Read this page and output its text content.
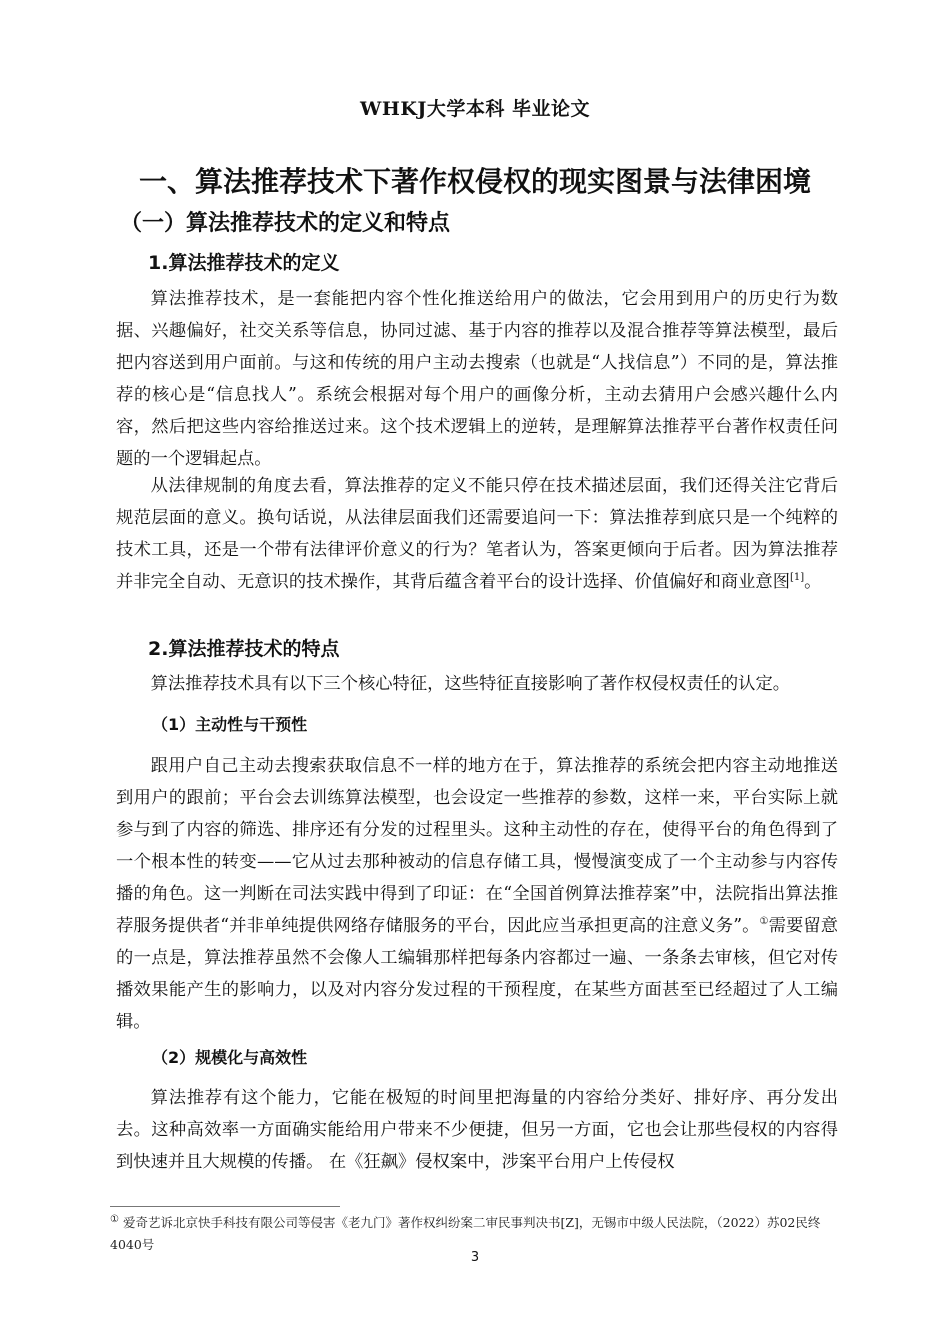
WHKJ大学本科 毕业论文
一、算法推荐技术下著作权侵权的现实图景与法律困境
（一）算法推荐技术的定义和特点
1.算法推荐技术的定义

算法推荐技术，是一套能把内容个性化推送给用户的做法，它会用到用户的历史行为数据、兴趣偏好，社交关系等信息，协同过滤、基于内容的推荐以及混合推荐等算法模型，最后把内容送到用户面前。与这和传统的用户主动去搜索（也就是“人找信息”）不同的是，算法推荐的核心是“信息找人”。系统会根据对每个用户的画像分析，主动去猜用户会感兴趣什么内容，然后把这些内容给推送过来。这个技术逻辑上的逆转，是理解算法推荐平台著作权责任问题的一个逻辑起点。

从法律规制的角度去看，算法推荐的定义不能只停在技术描述层面，我们还得关注它背后规范层面的意义。换句话说，从法律层面我们还需要追问一下：算法推荐到底只是一个纯粹的技术工具，还是一个带有法律评价意义的行为？笔者认为，答案更倾向于后者。因为算法推荐并非完全自动、无意识的技术操作，其背后蕴含着平台的设计选择、价值偏好和商业意图[1]。

2.算法推荐技术的特点

算法推荐技术具有以下三个核心特征，这些特征直接影响了著作权侵权责任的认定。

（1）主动性与干预性

跟用户自己主动去搜索获取信息不一样的地方在于，算法推荐的系统会把内容主动地推送到用户的跟前；平台会去训练算法模型，也会设定一些推荐的参数，这样一来，平台实际上就参与到了内容的筛选、排序还有分发的过程里头。这种主动性的存在，使得平台的角色得到了一个根本性的转变——它从过去那种被动的信息存储工具，慢慢演变成了一个主动参与内容传播的角色。这一判断在司法实践中得到了印证：在“全国首例算法推荐案”中，法院指出算法推荐服务提供者“并非单纯提供网络存储服务的平台，因此应当承担更高的注意义务”。①需要留意的一点是，算法推荐虽然不会像人工编辑那样把每条内容都过一遍、一条条去审核，但它对传播效果能产生的影响力，以及对内容分发过程的干预程度，在某些方面甚至已经超过了人工编辑。

（2）规模化与高效性

算法推荐有这个能力，它能在极短的时间里把海量的内容给分类好、排好序、再分发出去。这种高效率一方面确实能给用户带来不少便捷，但另一方面，它也会让那些侵权的内容得到快速并且大规模的传播。 在《狂飙》侵权案中，涉案平台用户上传侵权

① 爱奇艺诉北京快手科技有限公司等侵害《老九门》著作权纠纷案二审民事判决书[Z]，无锡市中级人民法院，（2022）苏02民终4040号

3
